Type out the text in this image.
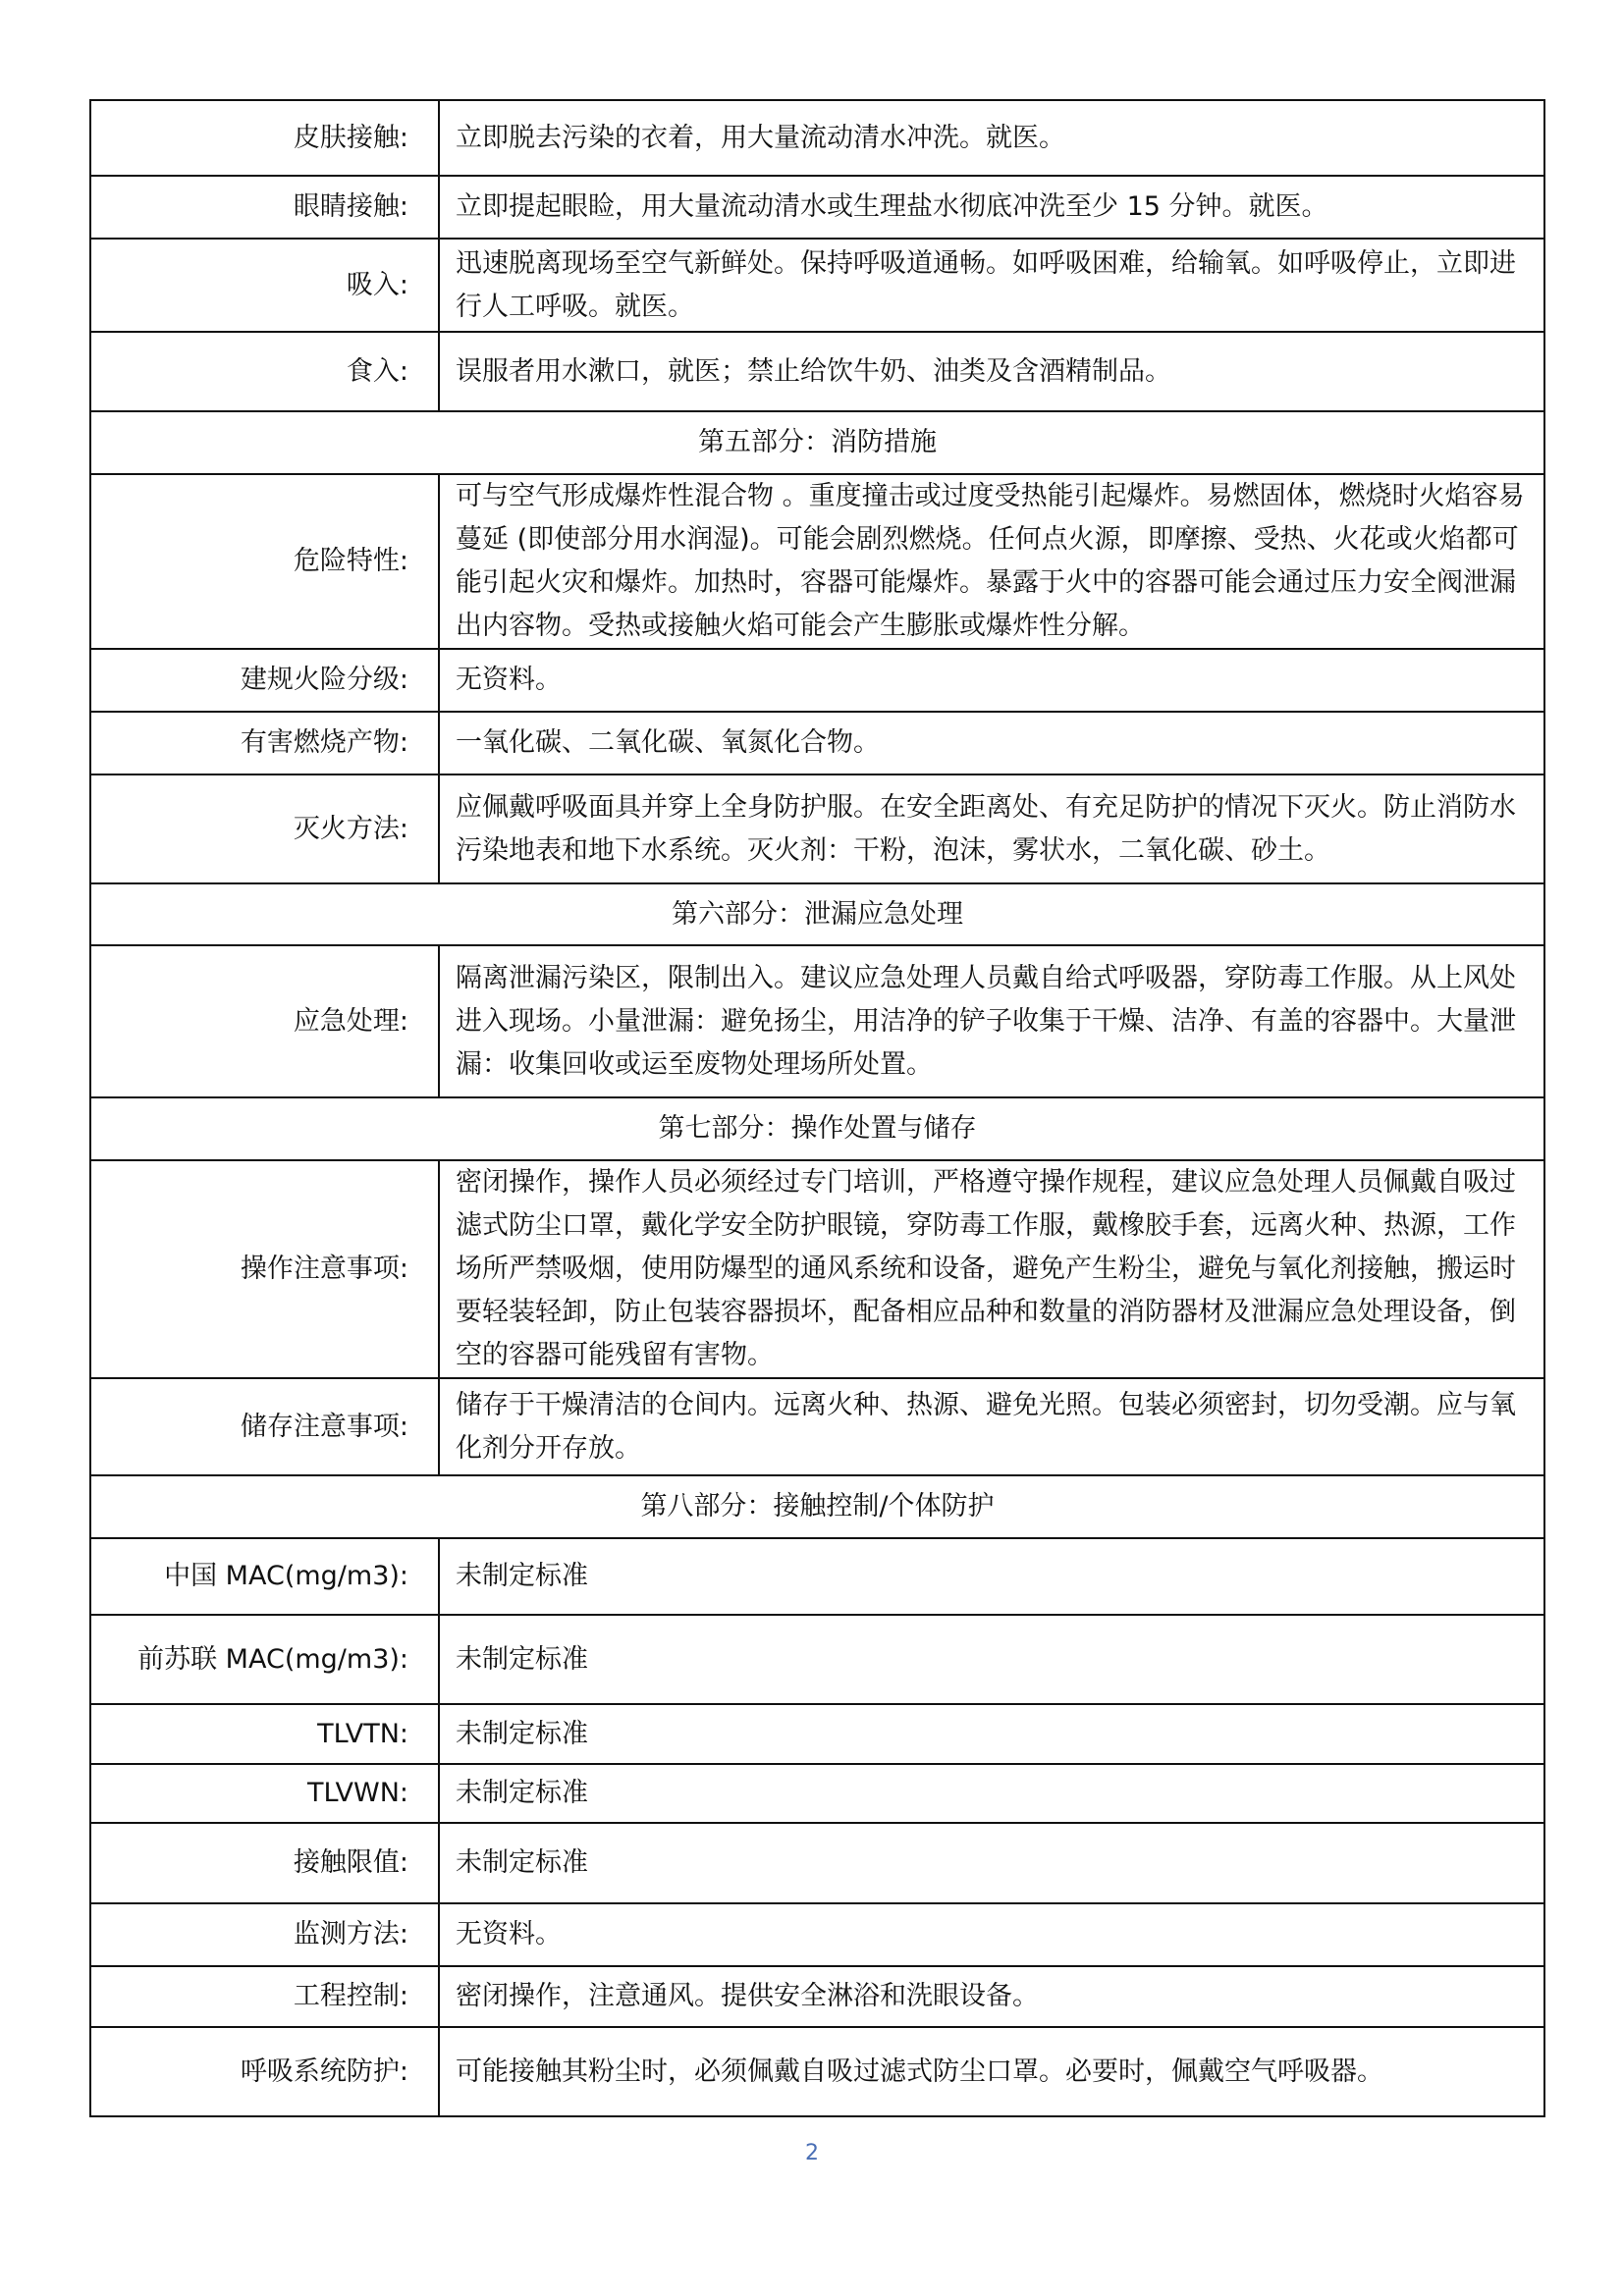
皮肤接触:	立即脱去污染的衣着，用大量流动清水冲洗。就医。
眼睛接触:	立即提起眼睑，用大量流动清水或生理盐水彻底冲洗至少 15 分钟。就医。
吸入:	迅速脱离现场至空气新鲜处。保持呼吸道通畅。如呼吸困难，给输氧。如呼吸停止，立即进行人工呼吸。就医。
食入:	误服者用水漱口，就医；禁止给饮牛奶、油类及含酒精制品。
第五部分：消防措施	
危险特性:	可与空气形成爆炸性混合物 。重度撞击或过度受热能引起爆炸。易燃固体，燃烧时火焰容易蔓延 (即使部分用水润湿)。可能会剧烈燃烧。任何点火源，即摩擦、受热、火花或火焰都可能引起火灾和爆炸。加热时，容器可能爆炸。暴露于火中的容器可能会通过压力安全阀泄漏出内容物。受热或接触火焰可能会产生膨胀或爆炸性分解。
建规火险分级:	无资料。
有害燃烧产物:	一氧化碳、二氧化碳、氧氮化合物。
灭火方法:	应佩戴呼吸面具并穿上全身防护服。在安全距离处、有充足防护的情况下灭火。防止消防水污染地表和地下水系统。灭火剂：干粉，泡沫，雾状水，二氧化碳、砂土。
第六部分：泄漏应急处理	
应急处理:	隔离泄漏污染区，限制出入。建议应急处理人员戴自给式呼吸器，穿防毒工作服。从上风处进入现场。小量泄漏：避免扬尘，用洁净的铲子收集于干燥、洁净、有盖的容器中。大量泄漏：收集回收或运至废物处理场所处置。
第七部分：操作处置与储存	
操作注意事项:	密闭操作，操作人员必须经过专门培训，严格遵守操作规程，建议应急处理人员佩戴自吸过滤式防尘口罩，戴化学安全防护眼镜，穿防毒工作服，戴橡胶手套，远离火种、热源，工作场所严禁吸烟，使用防爆型的通风系统和设备，避免产生粉尘，避免与氧化剂接触，搬运时要轻装轻卸，防止包装容器损坏，配备相应品种和数量的消防器材及泄漏应急处理设备，倒空的容器可能残留有害物。
储存注意事项:	储存于干燥清洁的仓间内。远离火种、热源、避免光照。包装必须密封，切勿受潮。应与氧化剂分开存放。
第八部分：接触控制/个体防护	
中国 MAC(mg/m3):	未制定标准
前苏联 MAC(mg/m3):	未制定标准
TLVTN:	未制定标准
TLVWN:	未制定标准
接触限值:	未制定标准
监测方法:	无资料。
工程控制:	密闭操作，注意通风。提供安全淋浴和洗眼设备。
呼吸系统防护:	可能接触其粉尘时，必须佩戴自吸过滤式防尘口罩。必要时，佩戴空气呼吸器。
2
